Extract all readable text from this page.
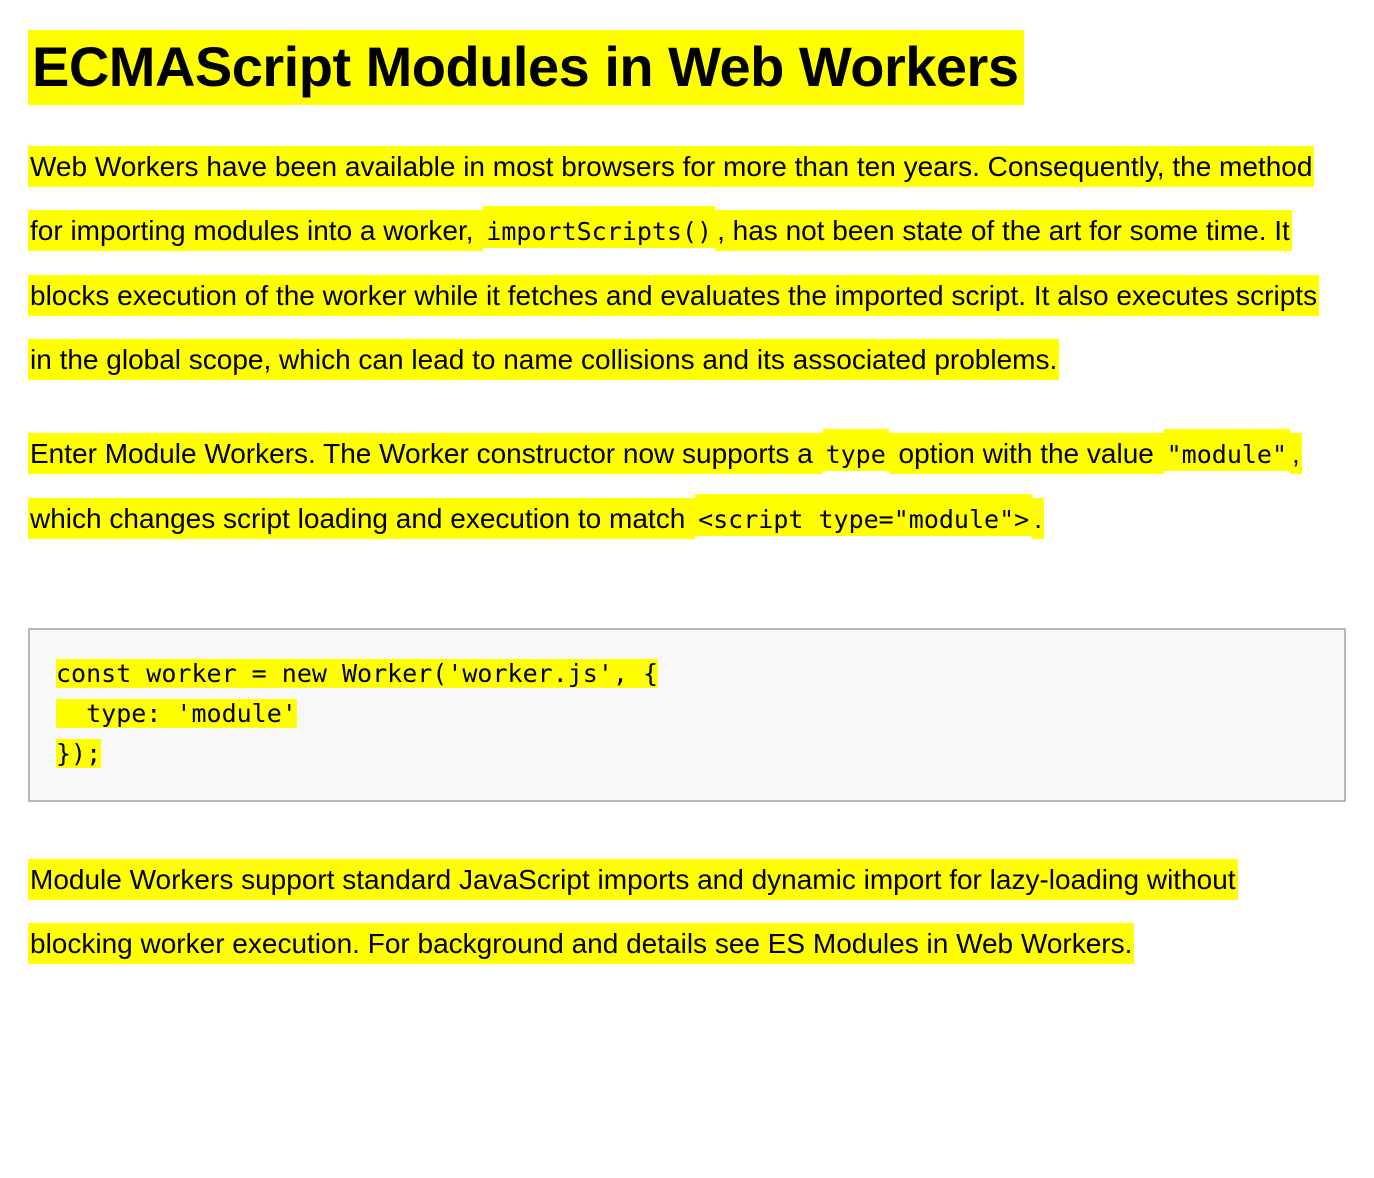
ECMAScript Modules in Web Workers

Web Workers have been available in most browsers for more than ten years. Consequently, the method for importing modules into a worker, importScripts() , has not been state of the art for some time. It blocks execution of the worker while it fetches and evaluates the imported script. It also executes scripts in the global scope, which can lead to name collisions and its associated problems.

Enter Module Workers. The Worker constructor now supports a type option with the value "module" , which changes script loading and execution to match <script type="module"> .

const worker = new Worker('worker.js', {
type: 'module'
});

Module Workers support standard JavaScript imports and dynamic import for lazy-loading without blocking worker execution. For background and details see ES Modules in Web Workers.
